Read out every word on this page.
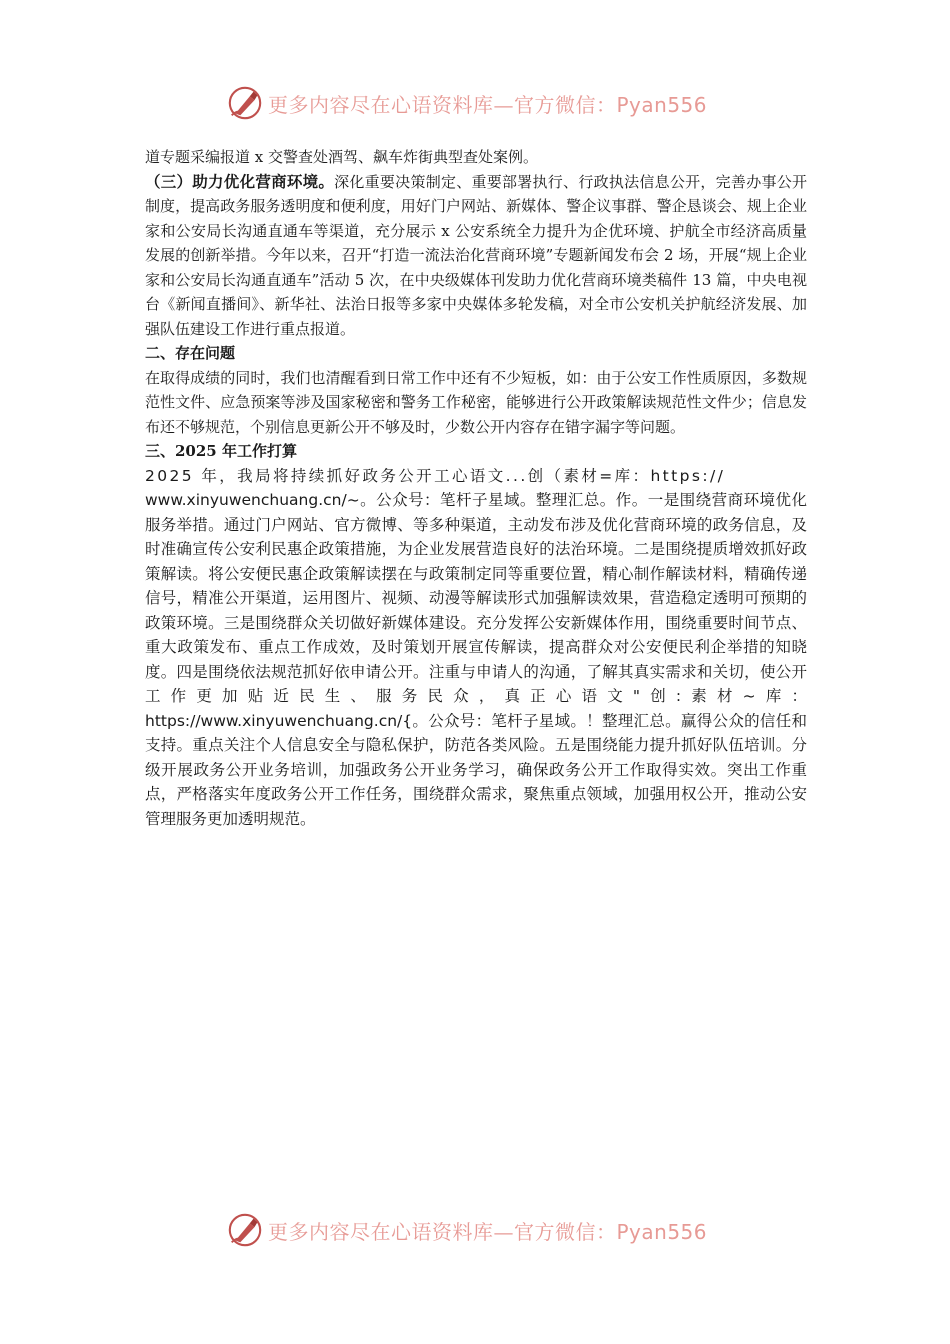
更多内容尽在心语资料库—官方微信：Pyan556

道专题采编报道 x 交警查处酒驾、飙车炸街典型查处案例。

（三）助力优化营商环境。深化重要决策制定、重要部署执行、行政执法信息公开，完善办事公开制度，提高政务服务透明度和便利度，用好门户网站、新媒体、警企议事群、警企恳谈会、规上企业家和公安局长沟通直通车等渠道，充分展示 x 公安系统全力提升为企优环境、护航全市经济高质量发展的创新举措。今年以来，召开“打造一流法治化营商环境”专题新闻发布会 2 场，开展“规上企业家和公安局长沟通直通车”活动 5 次，在中央级媒体刊发助力优化营商环境类稿件 13 篇，中央电视台《新闻直播间》、新华社、法治日报等多家中央媒体多轮发稿，对全市公安机关护航经济发展、加强队伍建设工作进行重点报道。

二、存在问题

在取得成绩的同时，我们也清醒看到日常工作中还有不少短板，如：由于公安工作性质原因，多数规范性文件、应急预案等涉及国家秘密和警务工作秘密，能够进行公开政策解读规范性文件少；信息发布还不够规范，个别信息更新公开不够及时，少数公开内容存在错字漏字等问题。

三、2025 年工作打算

2025 年，我局将持续抓好政务公开工心语文...创（素材=库：https://

www.xinyuwenchuang.cn/~。公众号：笔杆子星域。整理汇总。作。一是围绕营商环境优化服务举措。通过门户网站、官方微博、等多种渠道，主动发布涉及优化营商环境的政务信息，及时准确宣传公安利民惠企政策措施，为企业发展营造良好的法治环境。二是围绕提质增效抓好政策解读。将公安便民惠企政策解读摆在与政策制定同等重要位置，精心制作解读材料，精确传递信号，精准公开渠道，运用图片、视频、动漫等解读形式加强解读效果，营造稳定透明可预期的政策环境。三是围绕群众关切做好新媒体建设。充分发挥公安新媒体作用，围绕重要时间节点、重大政策发布、重点工作成效，及时策划开展宣传解读，提高群众对公安便民利企举措的知晓度。四是围绕依法规范抓好依申请公开。注重与申请人的沟通，了解其真实需求和关切，使公开工作更加贴近民生、服务民众，真正心语文"创:素材~库：https://www.xinyuwenchuang.cn/{。公众号：笔杆子星域。！整理汇总。赢得公众的信任和支持。重点关注个人信息安全与隐私保护，防范各类风险。五是围绕能力提升抓好队伍培训。分级开展政务公开业务培训，加强政务公开业务学习，确保政务公开工作取得实效。突出工作重点，严格落实年度政务公开工作任务，围绕群众需求，聚焦重点领域，加强用权公开，推动公安管理服务更加透明规范。

更多内容尽在心语资料库—官方微信：Pyan556
